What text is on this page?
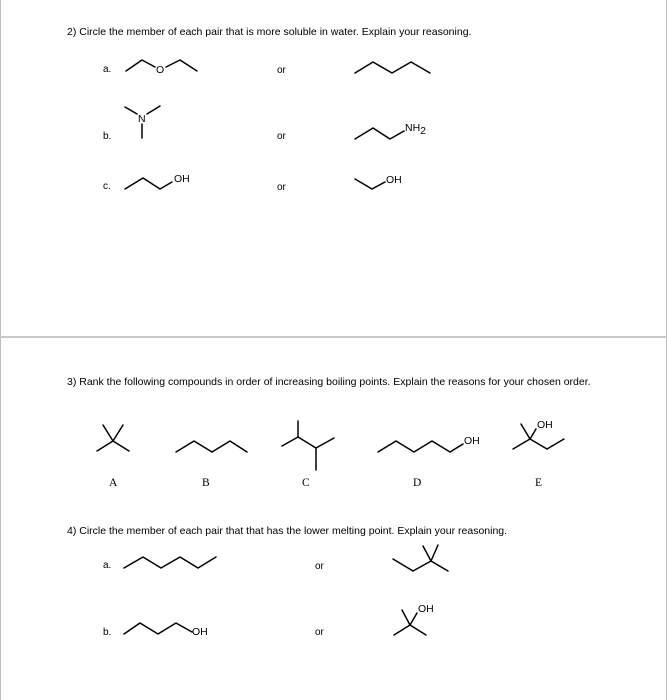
2) Circle the member of each pair that is more soluble in water. Explain your reasoning.
a.
b.
c.
or
or
or
3) Rank the following compounds in order of increasing boiling points. Explain the reasons for your chosen order.
A	B	C	D	E
4) Circle the member of each pair that that has the lower melting point. Explain your reasoning.
a.
b.
or
or
O
N
NH2
OH	OH
OH
OH
OH
OH
